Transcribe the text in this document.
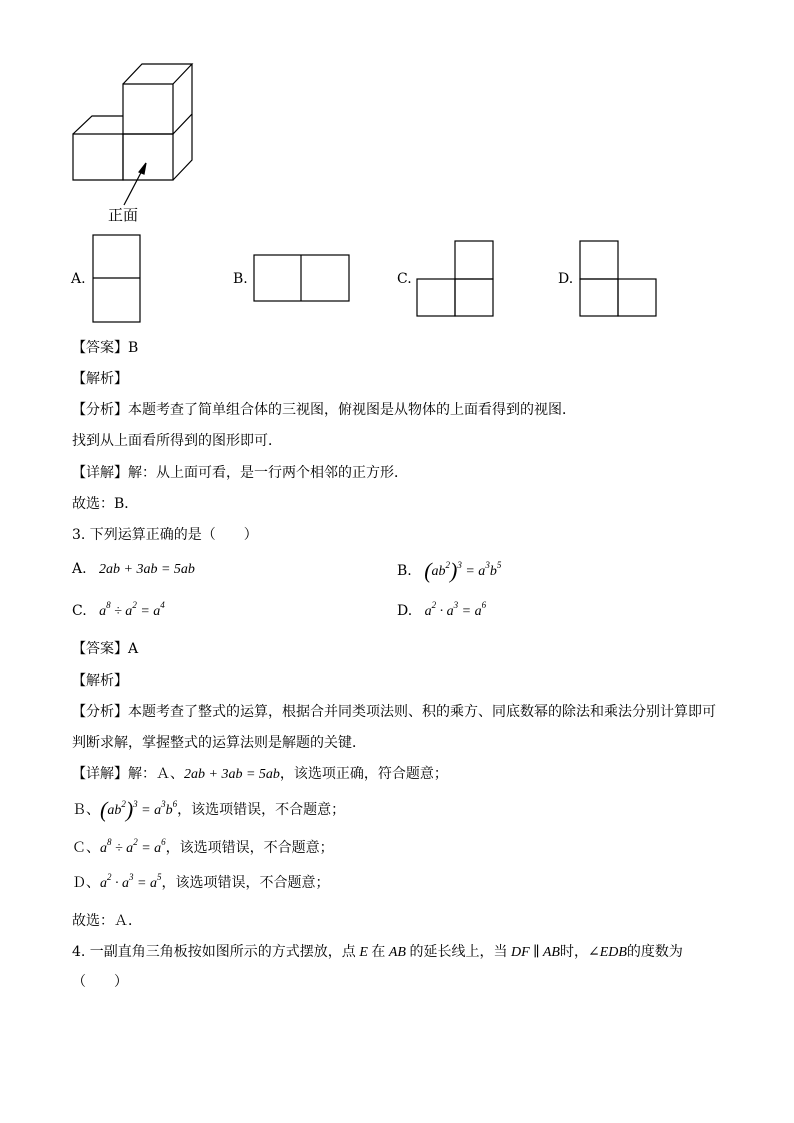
正面
A.	B.	C.	D.
【答案】B
【解析】
【分析】本题考查了简单组合体的三视图，俯视图是从物体的上面看得到的视图．
找到从上面看所得到的图形即可．
【详解】解：从上面可看，是一行两个相邻的正方形．
故选：B．
3. 下列运算正确的是（　　）
A. 2ab + 3ab = 5ab	B. $(ab^2)^3 = a^3b^5$
C. $a^8 \div a^2 = a^4$	D. $a^2 \cdot a^3 = a^6$
【答案】A
【解析】
【分析】本题考查了整式的运算，根据合并同类项法则、积的乘方、同底数幂的除法和乘法分别计算即可
判断求解，掌握整式的运算法则是解题的关键．
【详解】解：Ａ、2ab + 3ab = 5ab，该选项正确，符合题意；
Ｂ、$(ab^2)^3 = a^3b^6$，该选项错误，不合题意；
Ｃ、$a^8 \div a^2 = a^6$，该选项错误，不合题意；
Ｄ、$a^2 \cdot a^3 = a^5$，该选项错误，不合题意；
故选：Ａ．
4. 一副直角三角板按如图所示的方式摆放，点 E 在 AB 的延长线上，当 DF ∥ AB时，∠EDB的度数为
（　　）
